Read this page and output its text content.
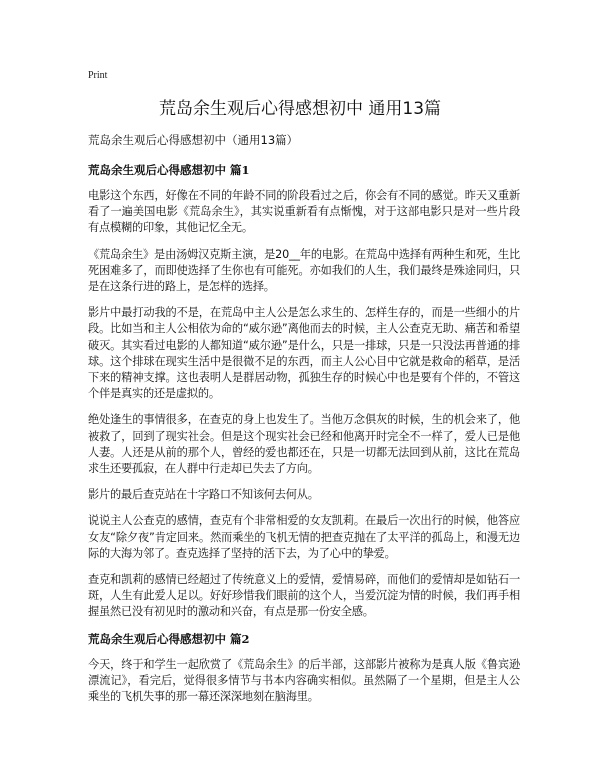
Print
荒岛余生观后心得感想初中 通用13篇
荒岛余生观后心得感想初中（通用13篇）
荒岛余生观后心得感想初中 篇1

电影这个东西，好像在不同的年龄不同的阶段看过之后，你会有不同的感觉。昨天又重新看了一遍美国电影《荒岛余生》，其实说重新看有点惭愧，对于这部电影只是对一些片段有点模糊的印象，其他记忆全无。

《荒岛余生》是由汤姆汉克斯主演，是20__年的电影。在荒岛中选择有两种生和死，生比死困难多了，而即使选择了生你也有可能死。亦如我们的人生，我们最终是殊途同归，只是在这条行进的路上，是怎样的选择。

影片中最打动我的不是，在荒岛中主人公是怎么求生的、怎样生存的，而是一些细小的片段。比如当和主人公相依为命的“威尔逊”离他而去的时候，主人公查克无助、痛苦和希望破灭。其实看过电影的人都知道“威尔逊”是什么，只是一排球，只是一只没法再普通的排球。这个排球在现实生活中是很微不足的东西，而主人公心目中它就是救命的稻草，是活下来的精神支撑。这也表明人是群居动物，孤独生存的时候心中也是要有个伴的，不管这个伴是真实的还是虚拟的。

绝处逢生的事情很多，在查克的身上也发生了。当他万念俱灰的时候，生的机会来了，他被救了，回到了现实社会。但是这个现实社会已经和他离开时完全不一样了，爱人已是他人妻。人还是从前的那个人，曾经的爱也都还在，只是一切都无法回到从前，这比在荒岛求生还要孤寂，在人群中行走却已失去了方向。

影片的最后查克站在十字路口不知该何去何从。

说说主人公查克的感情，查克有个非常相爱的女友凯莉。在最后一次出行的时候，他答应女友“除夕夜”肯定回来。然而乘坐的飞机无情的把查克抛在了太平洋的孤岛上，和漫无边际的大海为邻了。查克选择了坚持的活下去，为了心中的挚爱。

查克和凯莉的感情已经超过了传统意义上的爱情，爱情易碎，而他们的爱情却是如钻石一斑，人生有此爱人足以。好好珍惜我们眼前的这个人，当爱沉淀为情的时候，我们再手相握虽然已没有初见时的激动和兴奋，有点是那一份安全感。

荒岛余生观后心得感想初中 篇2

今天，终于和学生一起欣赏了《荒岛余生》的后半部，这部影片被称为是真人版《鲁宾逊漂流记》，看完后，觉得很多情节与书本内容确实相似。虽然隔了一个星期，但是主人公乘坐的飞机失事的那一幕还深深地刻在脑海里。
